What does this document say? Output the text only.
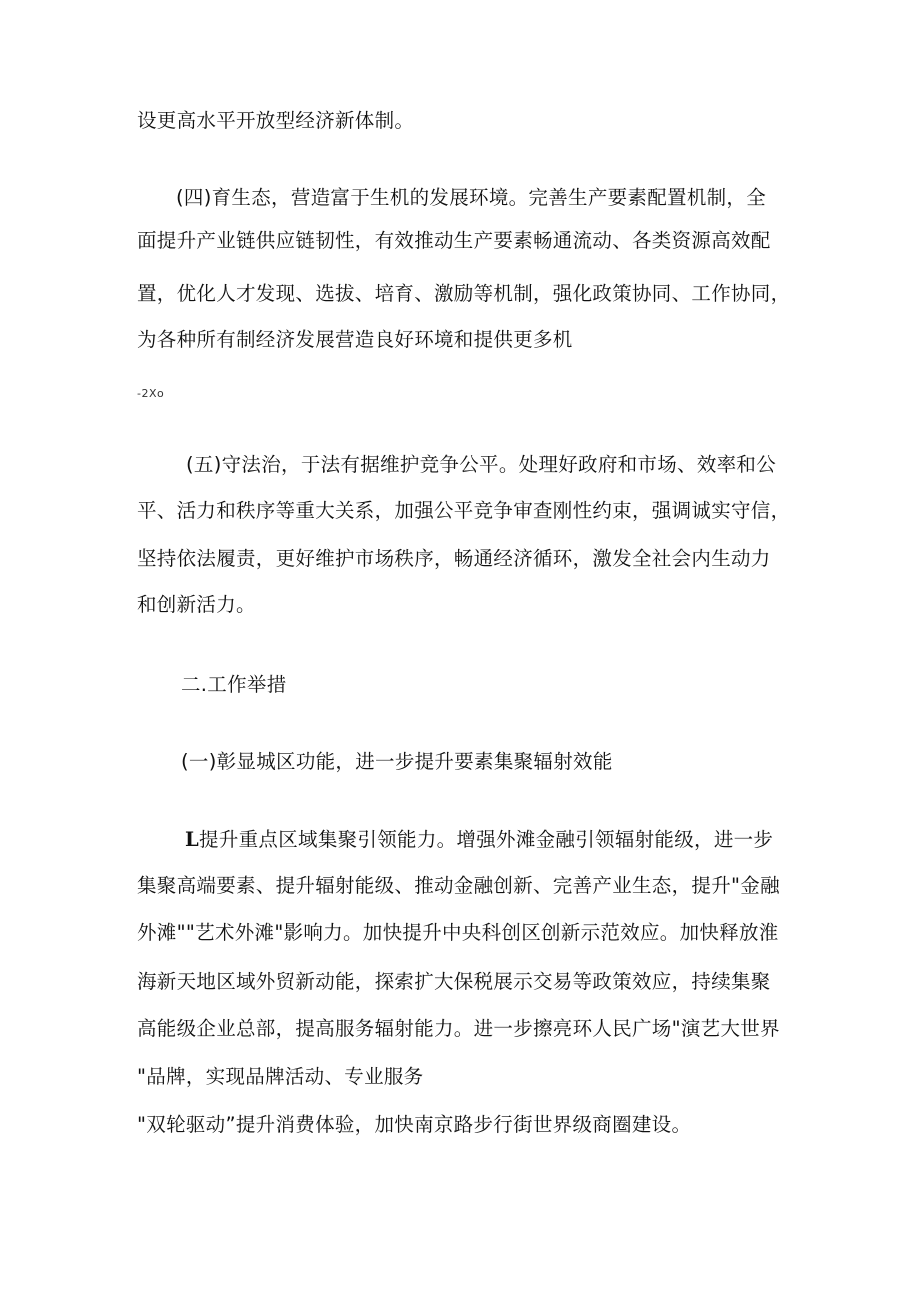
设更高水平开放型经济新体制。
(四)育生态，营造富于生机的发展环境。完善生产要素配置机制，全
面提升产业链供应链韧性，有效推动生产要素畅通流动、各类资源高效配
置，优化人才发现、选拔、培育、激励等机制，强化政策协同、工作协同，
为各种所有制经济发展营造良好环境和提供更多机
-2Xo
(五)守法治，于法有据维护竞争公平。处理好政府和市场、效率和公
平、活力和秩序等重大关系，加强公平竞争审查刚性约束，强调诚实守信，
坚持依法履责，更好维护市场秩序，畅通经济循环，激发全社会内生动力
和创新活力。
二.工作举措
(一)彰显城区功能，进一步提升要素集聚辐射效能
L提升重点区域集聚引领能力。增强外滩金融引领辐射能级，进一步
集聚高端要素、提升辐射能级、推动金融创新、完善产业生态，提升"金融
外滩""艺术外滩"影响力。加快提升中央科创区创新示范效应。加快释放淮
海新天地区域外贸新动能，探索扩大保税展示交易等政策效应，持续集聚
高能级企业总部，提高服务辐射能力。进一步擦亮环人民广场"演艺大世界
"品牌，实现品牌活动、专业服务
"双轮驱动”提升消费体验，加快南京路步行街世界级商圈建设。
